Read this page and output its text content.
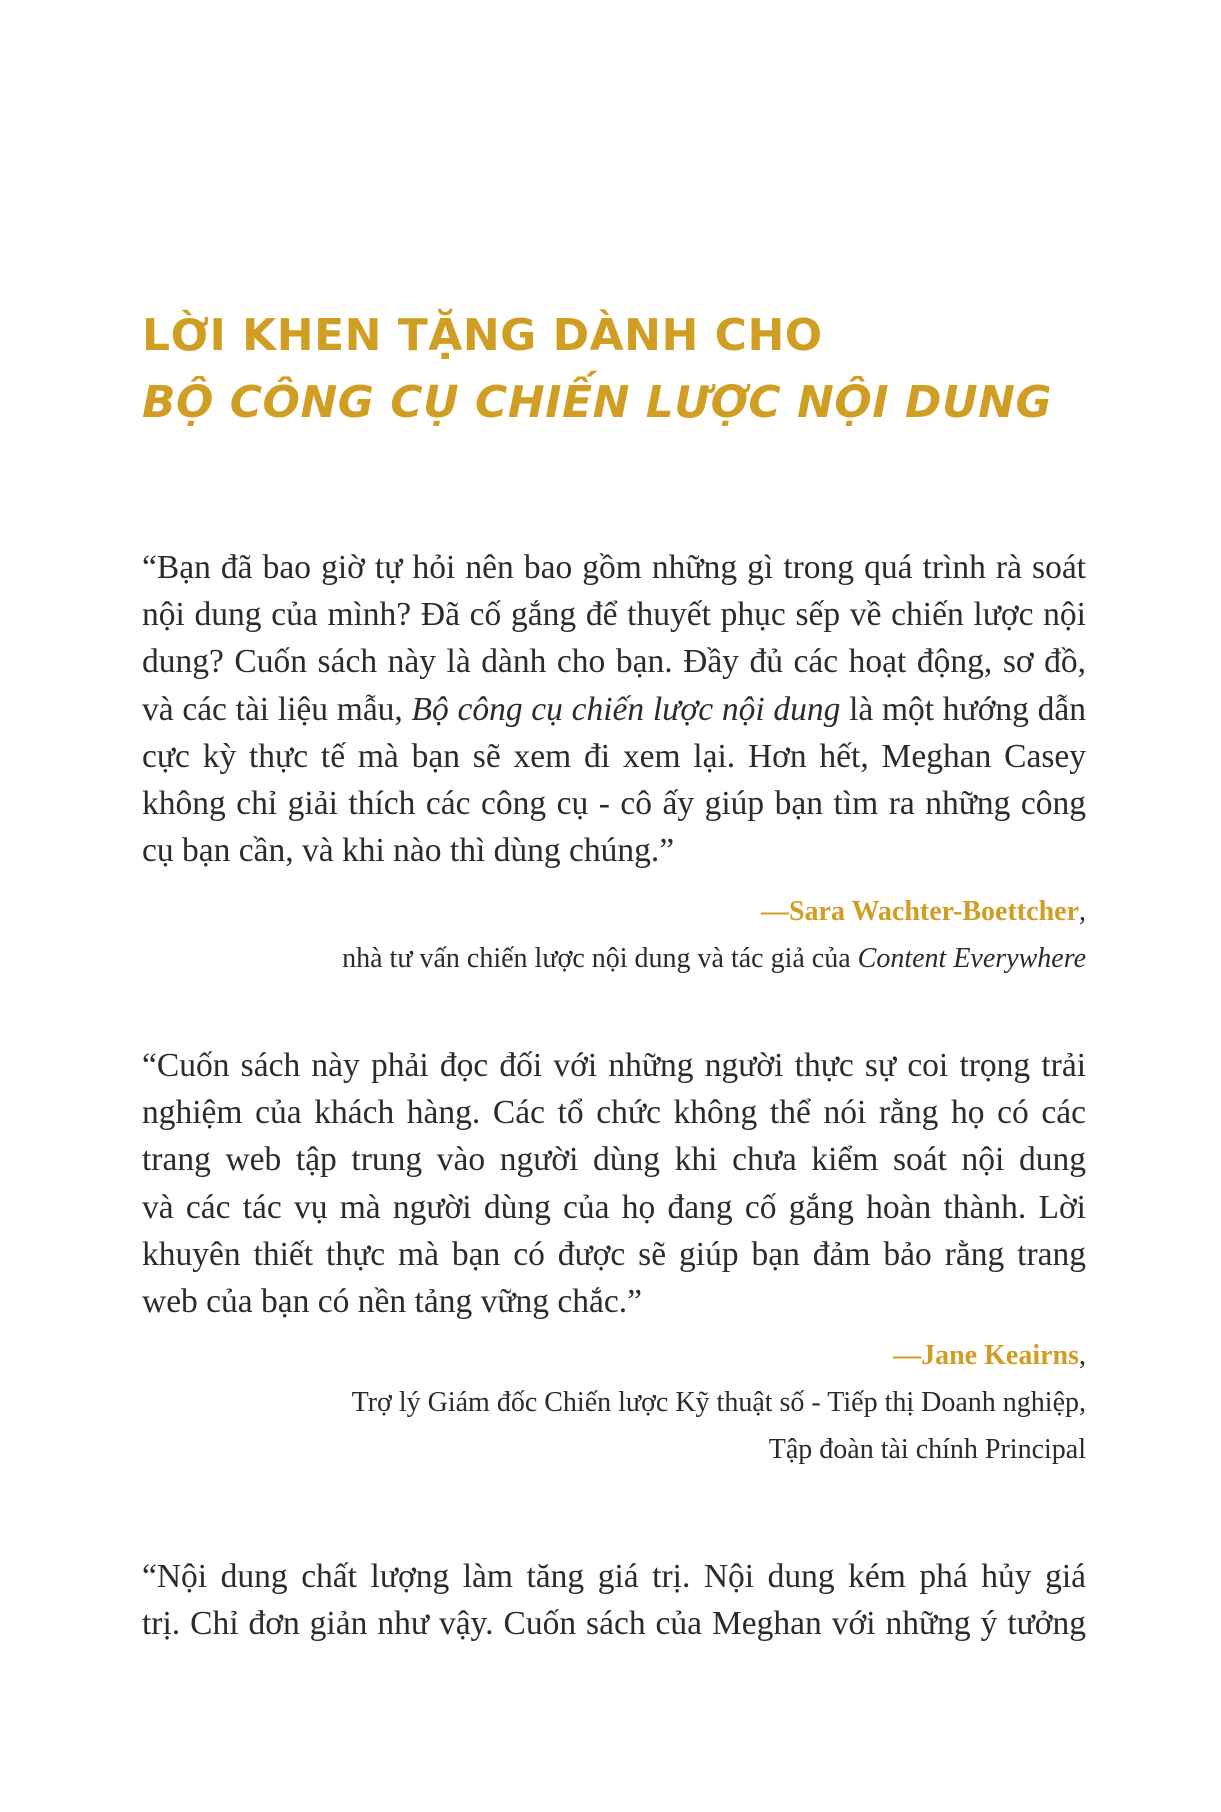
LỜI KHEN TẶNG DÀNH CHO
BỘ CÔNG CỤ CHIẾN LƯỢC NỘI DUNG
“Bạn đã bao giờ tự hỏi nên bao gồm những gì trong quá trình rà soát
nội dung của mình? Đã cố gắng để thuyết phục sếp về chiến lược nội
dung? Cuốn sách này là dành cho bạn. Đầy đủ các hoạt động, sơ đồ,
và các tài liệu mẫu, Bộ công cụ chiến lược nội dung là một hướng dẫn
cực kỳ thực tế mà bạn sẽ xem đi xem lại. Hơn hết, Meghan Casey
không chỉ giải thích các công cụ - cô ấy giúp bạn tìm ra những công
cụ bạn cần, và khi nào thì dùng chúng.”
—Sara Wachter-Boettcher,
nhà tư vấn chiến lược nội dung và tác giả của Content Everywhere
“Cuốn sách này phải đọc đối với những người thực sự coi trọng trải
nghiệm của khách hàng. Các tổ chức không thể nói rằng họ có các
trang web tập trung vào người dùng khi chưa kiểm soát nội dung
và các tác vụ mà người dùng của họ đang cố gắng hoàn thành. Lời
khuyên thiết thực mà bạn có được sẽ giúp bạn đảm bảo rằng trang
web của bạn có nền tảng vững chắc.”
—Jane Keairns,
Trợ lý Giám đốc Chiến lược Kỹ thuật số - Tiếp thị Doanh nghiệp,
Tập đoàn tài chính Principal
“Nội dung chất lượng làm tăng giá trị. Nội dung kém phá hủy giá
trị. Chỉ đơn giản như vậy. Cuốn sách của Meghan với những ý tưởng
